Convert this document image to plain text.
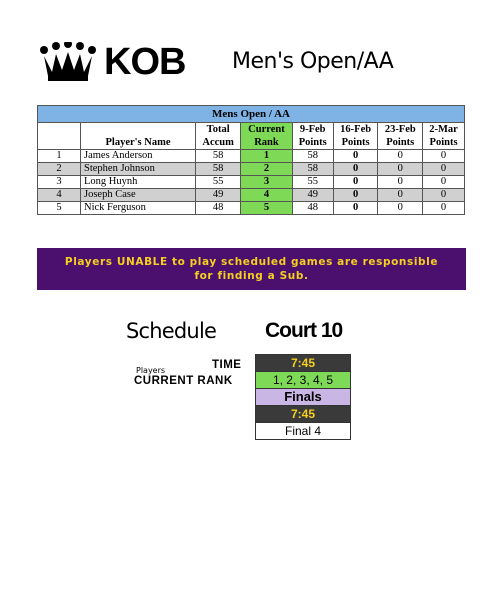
KOB Men's Open/AA
Mens Open / AA							
		Total	Current	9-Feb	16-Feb	23-Feb	2-Mar
	Player's Name	Accum	Rank	Points	Points	Points	Points
1	James Anderson	58	1	58	0	0	0
2	Stephen Johnson	58	2	58	0	0	0
3	Long Huynh	55	3	55	0	0	0
4	Joseph Case	49	4	49	0	0	0
5	Nick Ferguson	48	5	48	0	0	0
Players UNABLE to play scheduled games are responsible for finding a Sub.
Schedule Court 10
Players	TIME
CURRENT RANK
7:45
1, 2, 3, 4, 5
Finals
7:45
Final 4
